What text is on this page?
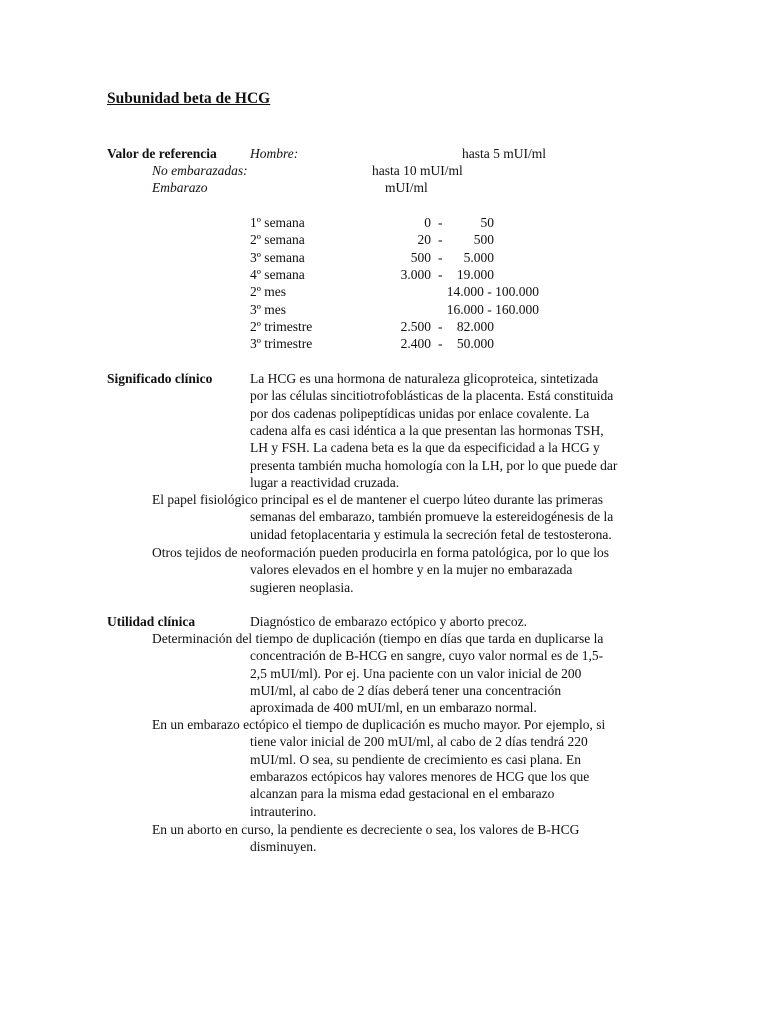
Subunidad beta de HCG
Valor de referencia Hombre:	hasta 5 mUI/ml
No embarazadas:	hasta 10 mUI/ml
Embarazo	mUI/ml
1º semana	0 -	50
2º semana	20 - 500
3º semana	500 - 5.000
4º semana	3.000 - 19.000
2º mes	14.000 - 100.000
3º mes	16.000 - 160.000
2º trimestre	2.500 - 82.000
3º trimestre	2.400 - 50.000
Significado clínico	La HCG es una hormona de naturaleza glicoproteica, sintetizada
por las células sincitiotrofoblásticas de la placenta. Está constituida
por dos cadenas polipeptídicas unidas por enlace covalente. La
cadena alfa es casi idéntica a la que presentan las hormonas TSH,
LH y FSH. La cadena beta es la que da especificidad a la HCG y
presenta también mucha homología con la LH, por lo que puede dar
lugar a reactividad cruzada.
El papel fisiológico principal es el de mantener el cuerpo lúteo durante las primeras
semanas del embarazo, también promueve la estereidogénesis de la
unidad fetoplacentaria y estimula la secreción fetal de testosterona.
Otros tejidos de neoformación pueden producirla en forma patológica, por lo que los
valores elevados en el hombre y en la mujer no embarazada
sugieren neoplasia.
Utilidad clínica	Diagnóstico de embarazo ectópico y aborto precoz.
Determinación del tiempo de duplicación (tiempo en días que tarda en duplicarse la
concentración de B-HCG en sangre, cuyo valor normal es de 1,5-
2,5 mUI/ml). Por ej. Una paciente con un valor inicial de 200
mUI/ml, al cabo de 2 días deberá tener una concentración
aproximada de 400 mUI/ml, en un embarazo normal.
En un embarazo ectópico el tiempo de duplicación es mucho mayor. Por ejemplo, si
tiene valor inicial de 200 mUI/ml, al cabo de 2 días tendrá 220
mUI/ml. O sea, su pendiente de crecimiento es casi plana. En
embarazos ectópicos hay valores menores de HCG que los que
alcanzan para la misma edad gestacional en el embarazo
intrauterino.
En un aborto en curso, la pendiente es decreciente o sea, los valores de B-HCG
disminuyen.
